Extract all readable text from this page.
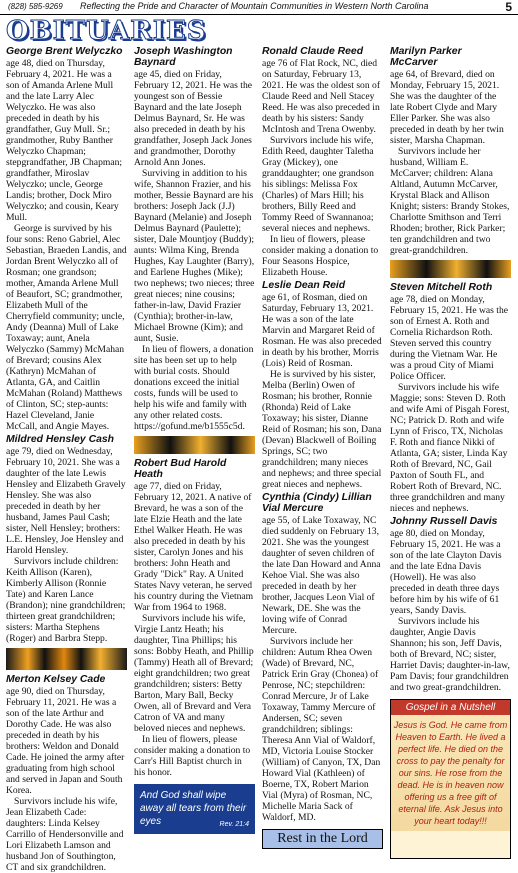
(828) 585-9269 Reflecting the Pride and Character of Mountain Communities in Western North Carolina	5
OBITUARIES
George Brent Welyczko

age 48, died on Thursday, February 4, 2021. He was a son of Amanda Arlene Mull and the late Larry Alec Welyczko. He was also preceded in death by his grandfather, Guy Mull. Sr.; grandmother, Ruby Banther Welyczko Chapman; stepgrandfather, JB Chapman; grandfather, Miroslav Welyczko; uncle, George Landis; brother, Dock Miro Welyczko; and cousin, Keary Mull.

George is survived by his four sons: Reno Gabriel, Alec Sebastian, Braeden Landis, and Jordan Brent Welyczko all of Rosman; one grandson; mother, Amanda Arlene Mull of Beaufort, SC; grandmother, Elizabeth Mull of the Cherryfield community; uncle, Andy (Deanna) Mull of Lake Toxaway; aunt, Anela Welyczko (Sammy) McMahan of Brevard; cousins Alex (Kathryn) McMahan of Atlanta, GA, and Caitlin McMahan (Roland) Matthews of Clinton, SC; step-aunts: Hazel Cleveland, Janie McCall, and Angie Mayes.

Mildred Hensley Cash

age 79, died on Wednesday, February 10, 2021. She was a daughter of the late Lewis Hensley and Elizabeth Gravely Hensley. She was also preceded in death by her husband, James Paul Cash; sister, Nell Hensley; brothers: L.E. Hensley, Joe Hensley and Harold Hensley.

Survivors include children: Keith Allison (Karen), Kimberly Allison (Ronnie Tate) and Karen Lance (Brandon); nine grandchildren; thirteen great grandchildren; sisters: Martha Stephens (Roger) and Barbra Stepp.

Merton Kelsey Cade

age 90, died on Thursday, February 11, 2021. He was a son of the late Arthur and Dorothy Cade. He was also preceded in death by his brothers: Weldon and Donald Cade. He joined the army after graduating from high school and served in Japan and South Korea.

Survivors include his wife, Jean Elizabeth Cade: daughters: Linda Kelsey Carrillo of Hendersonville and Lori Elizabeth Lamson and husband Jon of Southington, CT and six grandchildren.

Joseph Washington Baynard

age 45, died on Friday, February 12, 2021. He was the youngest son of Bessie Baynard and the late Joseph Delmus Baynard, Sr. He was also preceded in death by his grandfather, Joseph Jack Jones and grandmother, Dorothy Arnold Ann Jones.

Surviving in addition to his wife, Shannon Frazier, and his mother, Bessie Baynard are his brothers: Joseph Jack (J.J) Baynard (Melanie) and Joseph Delmus Baynard (Paulette); sister, Dale Mountjoy (Buddy); aunts: Wilma King, Brenda Hughes, Kay Laughter (Barry), and Earlene Hughes (Mike); two nephews; two nieces; three great nieces; nine cousins; father-in-law, David Frazier (Cynthia); brother-in-law, Michael Browne (Kim); and aunt, Susie.

In lieu of flowers, a donation site has been set up to help with burial costs. Should donations exceed the initial costs, funds will be used to help his wife and family with any other related costs. https://gofund.me/b1555c5d.

Robert Bud Harold Heath

age 77, died on Friday, February 12, 2021. A native of Brevard, he was a son of the late Elzie Heath and the late Ethel Walker Heath. He was also preceded in death by his sister, Carolyn Jones and his brothers: John Heath and Grady "Dick" Ray. A United States Navy veteran, he served his country during the Vietnam War from 1964 to 1968.

Survivors include his wife, Virgie Lantz Heath; his daughter, Tina Phillips; his sons: Bobby Heath, and Phillip (Tammy) Heath all of Brevard; eight grandchildren; two great grandchildren; sisters: Betty Barton, Mary Ball, Becky Owen, all of Brevard and Vera Catron of VA and many beloved nieces and nephews.

In lieu of flowers, please consider making a donation to Carr's Hill Baptist church in his honor.

And God shall wipe away all tears from their eyes	Rev. 21:4
Ronald Claude Reed

age 76 of Flat Rock, NC, died on Saturday, February 13, 2021. He was the oldest son of Claude Reed and Nell Stacey Reed. He was also preceded in death by his sisters: Sandy McIntosh and Trena Owenby.

Survivors include his wife, Edith Reed, daughter Taletha Gray (Mickey), one granddaughter; one grandson his siblings: Melissa Fox (Charles) of Mars Hill; his brothers, Billy Reed and Tommy Reed of Swannanoa; several nieces and nephews.

In lieu of flowers, please consider making a donation to Four Seasons Hospice, Elizabeth House.

Leslie Dean Reid

age 61, of Rosman, died on Saturday, February 13, 2021. He was a son of the late Marvin and Margaret Reid of Rosman. He was also preceded in death by his brother, Morris (Lois) Reid of Rosman.

He is survived by his sister, Melba (Berlin) Owen of Rosman; his brother, Ronnie (Rhonda) Reid of Lake Toxaway; his sister, Dianne Reid of Rosman; his son, Dana (Devan) Blackwell of Boiling Springs, SC; two grandchildren; many nieces and nephews; and three special great nieces and nephews.

Cynthia (Cindy) Lillian Vial Mercure

age 55, of Lake Toxaway, NC died suddenly on February 13, 2021. She was the youngest daughter of seven children of the late Dan Howard and Anna Kehoe Vial. She was also preceded in death by her brother, Jacques Leon Vial of Newark, DE. She was the loving wife of Conrad Mercure.

Survivors include her children: Autum Rhea Owen (Wade) of Brevard, NC, Patrick Erin Gray (Chonea) of Penrose, NC; stepchildren: Conrad Mercure, Jr of Lake Toxaway, Tammy Mercure of Andersen, SC; seven grandchildren; siblings: Theresa Ann Vial of Waldorf, MD, Victoria Louise Stocker (William) of Canyon, TX, Dan Howard Vial (Kathleen) of Boerne, TX, Robert Marion Vial (Myra) of Rosman, NC, Michelle Maria Sack of Waldorf, MD.

Rest in the Lord
Marilyn Parker McCarver

age 64, of Brevard, died on Monday, February 15, 2021. She was the daughter of the late Robert Clyde and Mary Eller Parker. She was also preceded in death by her twin sister, Marsha Chapman.

Survivors include her husband, William E. McCarver; children: Alana Altland, Autumn McCarver, Krystal Black and Allison Knight; sisters: Brandy Stokes, Charlotte Smithson and Terri Rhoden; brother, Rick Parker; ten grandchildren and two great-grandchildren.

Steven Mitchell Roth

age 78, died on Monday, February 15, 2021. He was the son of Ernest A. Roth and Cornelia Richardson Roth. Steven served this country during the Vietnam War. He was a proud City of Miami Police Officer.

Survivors include his wife Maggie; sons: Steven D. Roth and wife Ami of Pisgah Forest, NC; Patrick D. Roth and wife Lynn of Frisco, TX, Nicholas F. Roth and fiance Nikki of Atlanta, GA; sister, Linda Kay Roth of Brevard, NC, Gail Paxton of South FL, and Robert Roth of Brevard, NC. three grandchildren and many nieces and nephews.

Johnny Russell Davis

age 80, died on Monday, February 15, 2021. He was a son of the late Clayton Davis and the late Edna Davis (Howell). He was also preceded in death three days before him by his wife of 61 years, Sandy Davis.

Survivors include his daughter, Angie Davis Shannon; his son, Jeff Davis, both of Brevard, NC; sister, Harriet Davis; daughter-in-law, Pam Davis; four grandchildren and two great-grandchildren.

Gospel in a Nutshell
Jesus is God. He came from Heaven to Earth. He lived a perfect life. He died on the cross to pay the penalty for our sins. He rose from the dead. He is in heaven now offering us a free gift of eternal life. Ask Jesus into your heart today!!!
